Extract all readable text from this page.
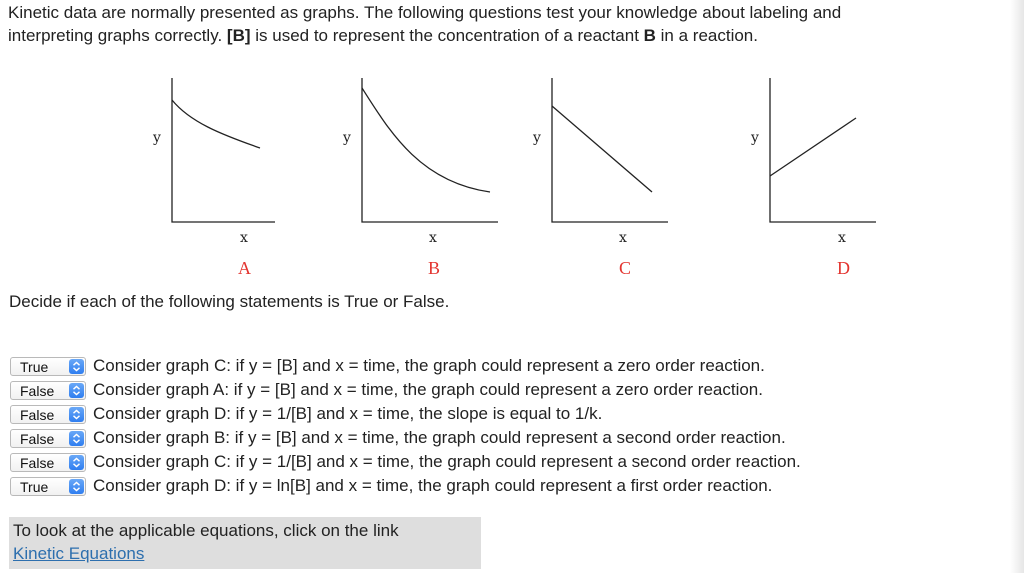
Kinetic data are normally presented as graphs. The following questions test your knowledge about labeling and
interpreting graphs correctly. [B] is used to represent the concentration of a reactant B in a reaction.
y
x
A
y
x
B
y
x
C
y
x
D
Decide if each of the following statements is True or False.
True	Consider graph C: if y = [B] and x = time, the graph could represent a zero order reaction.
False Consider graph A: if y = [B] and x = time, the graph could represent a zero order reaction.
False Consider graph D: if y = 1/[B] and x = time, the slope is equal to 1/k.
False Consider graph B: if y = [B] and x = time, the graph could represent a second order reaction.
False Consider graph C: if y = 1/[B] and x = time, the graph could represent a second order reaction.
True	Consider graph D: if y = ln[B] and x = time, the graph could represent a first order reaction.
To look at the applicable equations, click on the link
Kinetic Equations
